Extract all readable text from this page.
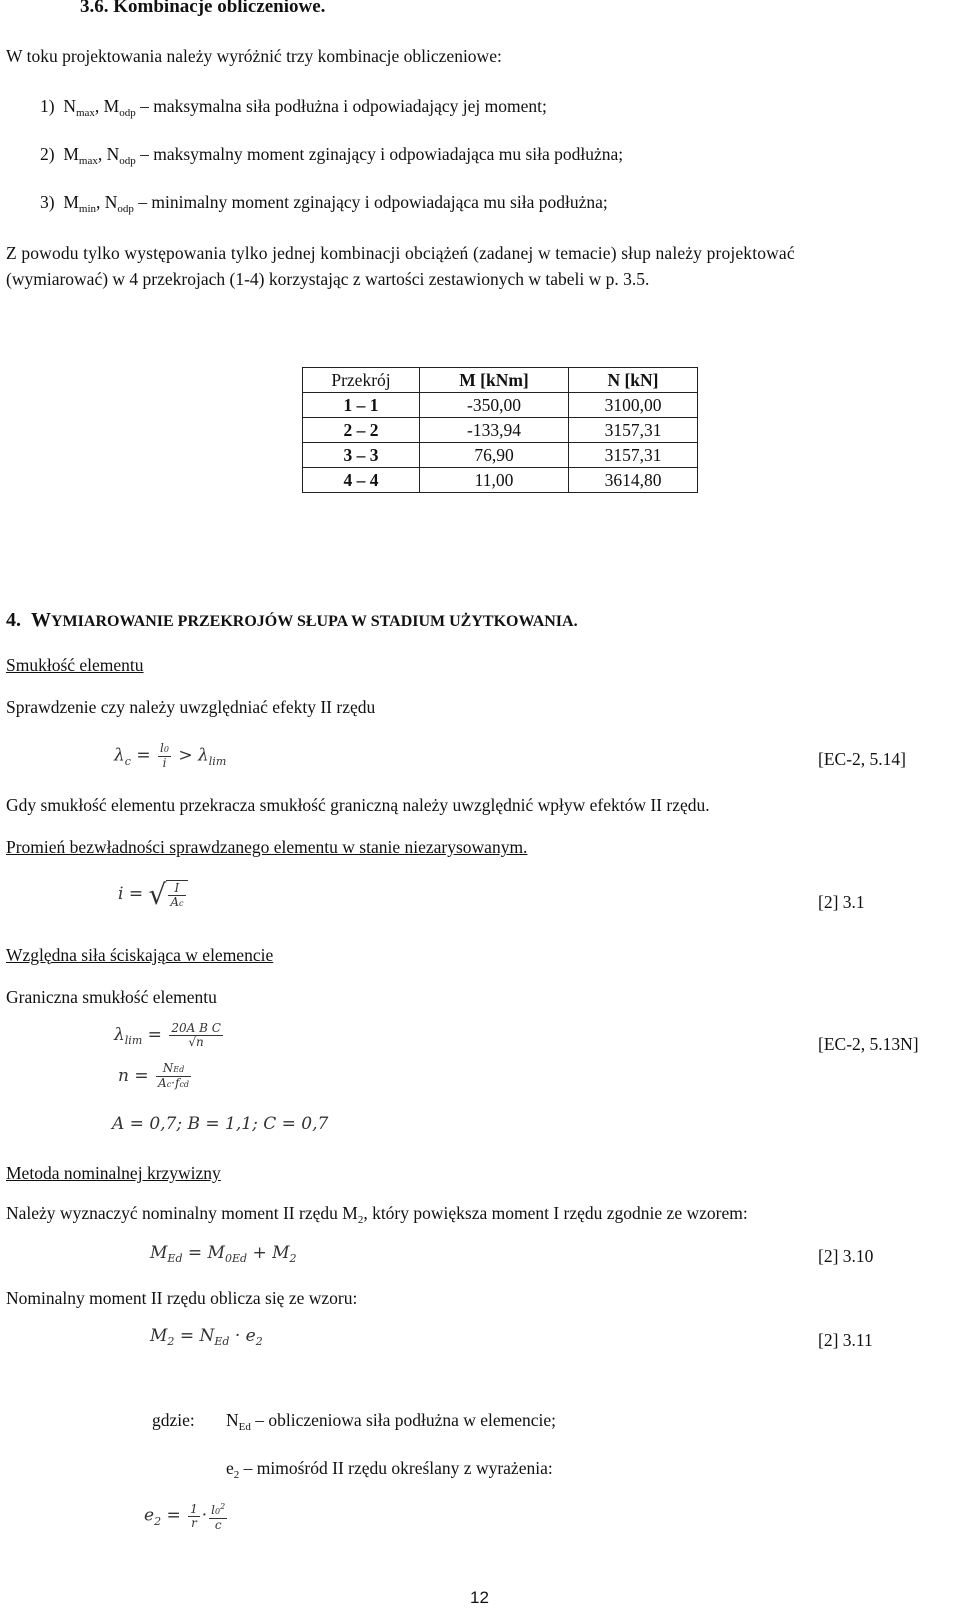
3.6. Kombinacje obliczeniowe.
W toku projektowania należy wyróżnić trzy kombinacje obliczeniowe:
1) $N_{max}$, $M_{odp}$ – maksymalna siła podłużna i odpowiadający jej moment;
2) $M_{max}$, $N_{odp}$ – maksymalny moment zginający i odpowiadająca mu siła podłużna;
3) $M_{min}$, $N_{odp}$ – minimalny moment zginający i odpowiadająca mu siła podłużna;
Z powodu tylko występowania tylko jednej kombinacji obciążeń (zadanej w temacie) słup należy projektować
(wymiarować) w 4 przekrojach (1-4) korzystając z wartości zestawionych w tabeli w p. 3.5.
Przekrój	M [kNm]	N [kN]
1 – 1	-350,00	3100,00
2 – 2	-133,94	3157,31
3 – 3	76,90	3157,31
4 – 4	11,00	3614,80
4. WYMIAROWANIE PRZEKROJÓW SŁUPA W STADIUM UŻYTKOWANIA.
Smukłość elementu
Sprawdzenie czy należy uwzględniać efekty II rzędu
$\lambda_c = \frac{l0}{i} > \lambda_{lim}$	[EC-2, 5.14]
Gdy smukłość elementu przekracza smukłość graniczną należy uwzględnić wpływ efektów II rzędu.
Promień bezwładności sprawdzanego elementu w stanie niezarysowanym.
i = √ $\frac{I}{Ac}$	[2] 3.1
Względna siła ściskająca w elemencie
Graniczna smukłość elementu
$\lambda_{lim} = \frac{\text{20A B C}}{√n}$
$n = \frac{\text{NEd}}{\text{Ac·fcd}}$
[EC-2, 5.13N]
A = 0,7; B = 1,1; C = 0,7
Metoda nominalnej krzywizny
Należy wyznaczyć nominalny moment II rzędu $M_2$, który powiększa moment I rzędu zgodnie ze wzorem:
$M_{Ed} = M_{0Ed} + M_2$	[2] 3.10
Nominalny moment II rzędu oblicza się ze wzoru:
$M_2 = N_{Ed} \cdot e_2$	[2] 3.11
gdzie: $N_{Ed}$ – obliczeniowa siła podłużna w elemencie;
$e_2$ – mimośród II rzędu określany z wyrażenia:
$e_2 = \frac{1}{r} \cdot \frac{l0^2}{c}$
12
